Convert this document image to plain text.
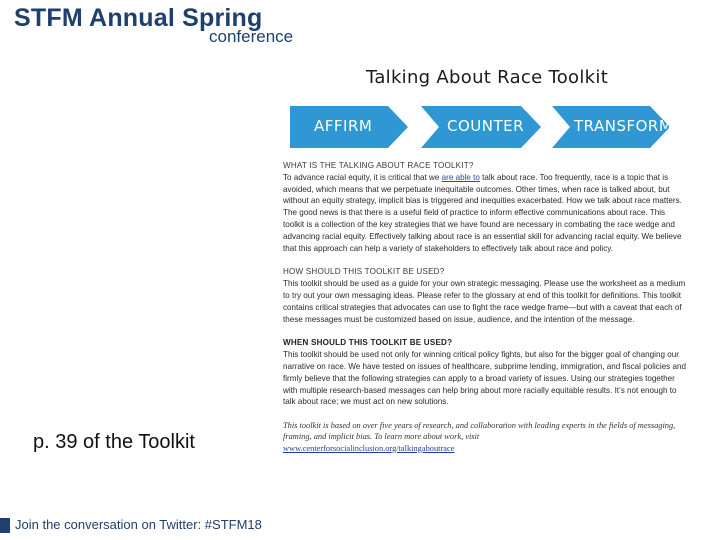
STFM Annual Spring
conference
Talking About Race Toolkit
AFFIRM	COUNTER	TRANSFORM

WHAT IS THE TALKING ABOUT RACE TOOLKIT?

To advance racial equity, it is critical that we are able to talk about race. Too frequently, race is a topic that is avoided, which means that we perpetuate inequitable outcomes. Other times, when race is talked about, but without an equity strategy, implicit bias is triggered and inequities exacerbated. How we talk about race matters. The good news is that there is a useful field of practice to inform effective communications about race. This toolkit is a collection of the key strategies that we have found are necessary in combating the race wedge and advancing racial equity. Effectively talking about race is an essential skill for advancing racial equity. We believe that this approach can help a variety of stakeholders to effectively talk about race and policy.

HOW SHOULD THIS TOOLKIT BE USED?

This toolkit should be used as a guide for your own strategic messaging. Please use the worksheet as a medium to try out your own messaging ideas. Please refer to the glossary at end of this toolkit for definitions. This toolkit contains critical strategies that advocates can use to fight the race wedge frame—but with a caveat that each of these messages must be customized based on issue, audience, and the intention of the message.

WHEN SHOULD THIS TOOLKIT BE USED?

This toolkit should be used not only for winning critical policy fights, but also for the bigger goal of changing our narrative on race. We have tested on issues of healthcare, subprime lending, immigration, and fiscal policies and firmly believe that the following strategies can apply to a broad variety of issues. Using our strategies together with multiple research-based messages can help bring about more racially equitable results. It’s not enough to talk about race; we must act on new solutions.

This toolkit is based on over five years of research, and collaboration with leading experts in the fields of messaging, framing, and implicit bias. To learn more about work, visit
www.centerforsocialinclusion.org/talkingaboutrace
p. 39 of the Toolkit
Join the conversation on Twitter: #STFM18
